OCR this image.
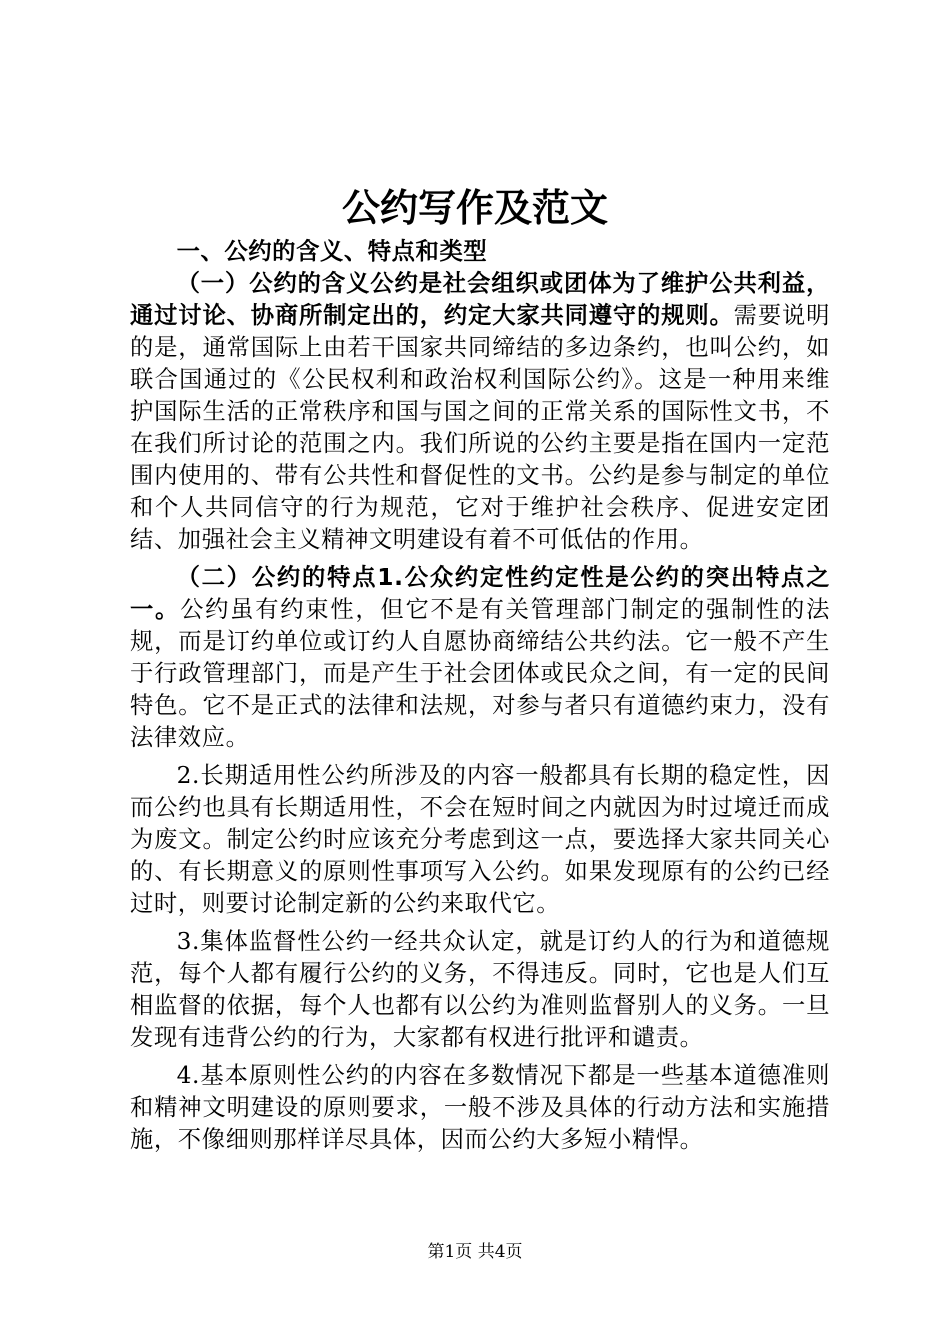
公约写作及范文

一、公约的含义、特点和类型

（一）公约的含义公约是社会组织或团体为了维护公共利益，通过讨论、协商所制定出的，约定大家共同遵守的规则。需要说明的是，通常国际上由若干国家共同缔结的多边条约，也叫公约，如联合国通过的《公民权利和政治权利国际公约》。这是一种用来维护国际生活的正常秩序和国与国之间的正常关系的国际性文书，不在我们所讨论的范围之内。我们所说的公约主要是指在国内一定范围内使用的、带有公共性和督促性的文书。公约是参与制定的单位和个人共同信守的行为规范，它对于维护社会秩序、促进安定团结、加强社会主义精神文明建设有着不可低估的作用。

（二）公约的特点1.公众约定性约定性是公约的突出特点之一。公约虽有约束性，但它不是有关管理部门制定的强制性的法规，而是订约单位或订约人自愿协商缔结公共约法。它一般不产生于行政管理部门，而是产生于社会团体或民众之间，有一定的民间特色。它不是正式的法律和法规，对参与者只有道德约束力，没有法律效应。

2.长期适用性公约所涉及的内容一般都具有长期的稳定性，因而公约也具有长期适用性，不会在短时间之内就因为时过境迁而成为废文。制定公约时应该充分考虑到这一点，要选择大家共同关心的、有长期意义的原则性事项写入公约。如果发现原有的公约已经过时，则要讨论制定新的公约来取代它。

3.集体监督性公约一经共众认定，就是订约人的行为和道德规范，每个人都有履行公约的义务，不得违反。同时，它也是人们互相监督的依据，每个人也都有以公约为准则监督别人的义务。一旦发现有违背公约的行为，大家都有权进行批评和谴责。

4.基本原则性公约的内容在多数情况下都是一些基本道德准则和精神文明建设的原则要求，一般不涉及具体的行动方法和实施措施，不像细则那样详尽具体，因而公约大多短小精悍。

第1页 共4页
